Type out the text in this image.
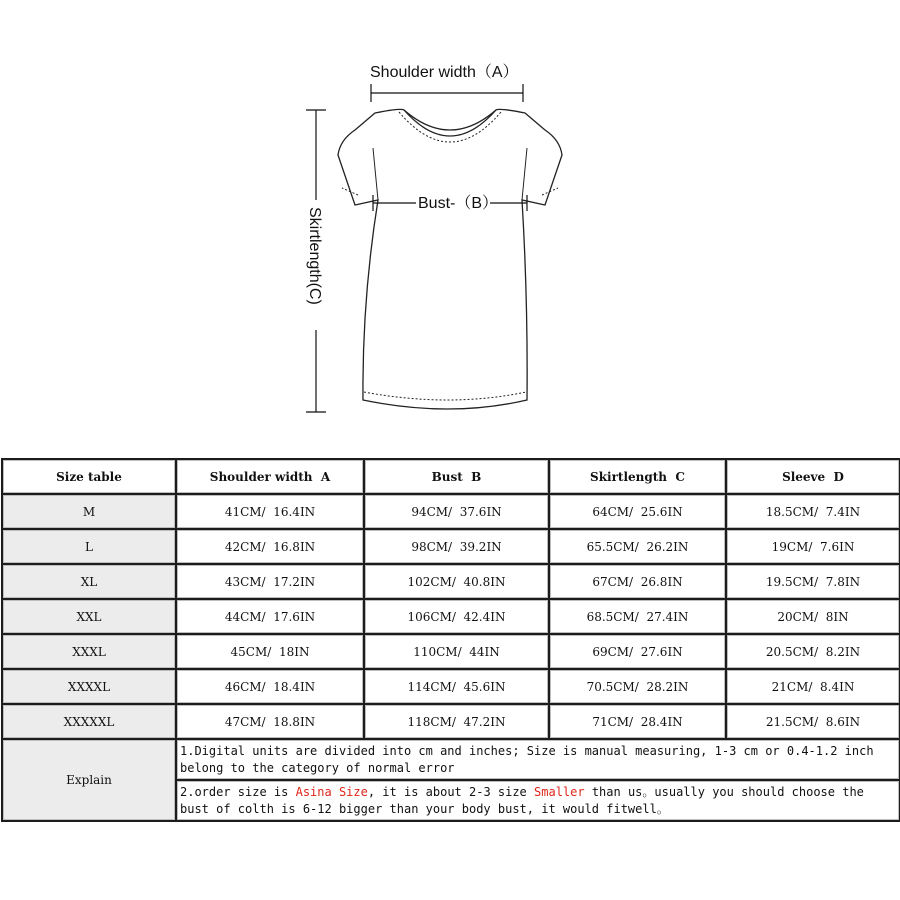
Shoulder width（A）
Bust-（B）
Skirtlength(C)
Size table	Shoulder width  A	Bust  B	Skirtlength  C	Sleeve  D
M	41CM/  16.4IN	94CM/  37.6IN	64CM/  25.6IN	18.5CM/  7.4IN
L	42CM/  16.8IN	98CM/  39.2IN	65.5CM/  26.2IN	19CM/  7.6IN
XL	43CM/  17.2IN	102CM/  40.8IN	67CM/  26.8IN	19.5CM/  7.8IN
XXL	44CM/  17.6IN	106CM/  42.4IN	68.5CM/  27.4IN	20CM/  8IN
XXXL	45CM/  18IN	110CM/  44IN	69CM/  27.6IN	20.5CM/  8.2IN
XXXXL	46CM/  18.4IN	114CM/  45.6IN	70.5CM/  28.2IN	21CM/  8.4IN
XXXXXL	47CM/  18.8IN	118CM/  47.2IN	71CM/  28.4IN	21.5CM/  8.6IN
Explain	1.Digital units are divided into cm and inches; Size is manual measuring, 1-3 cm or 0.4-1.2 inch belong to the category of normal error			
	2.order size is Asina Size, it is about 2-3 size Smaller than us。usually you should choose the bust of colth is 6-12 bigger than your body bust, it would fitwell。			
